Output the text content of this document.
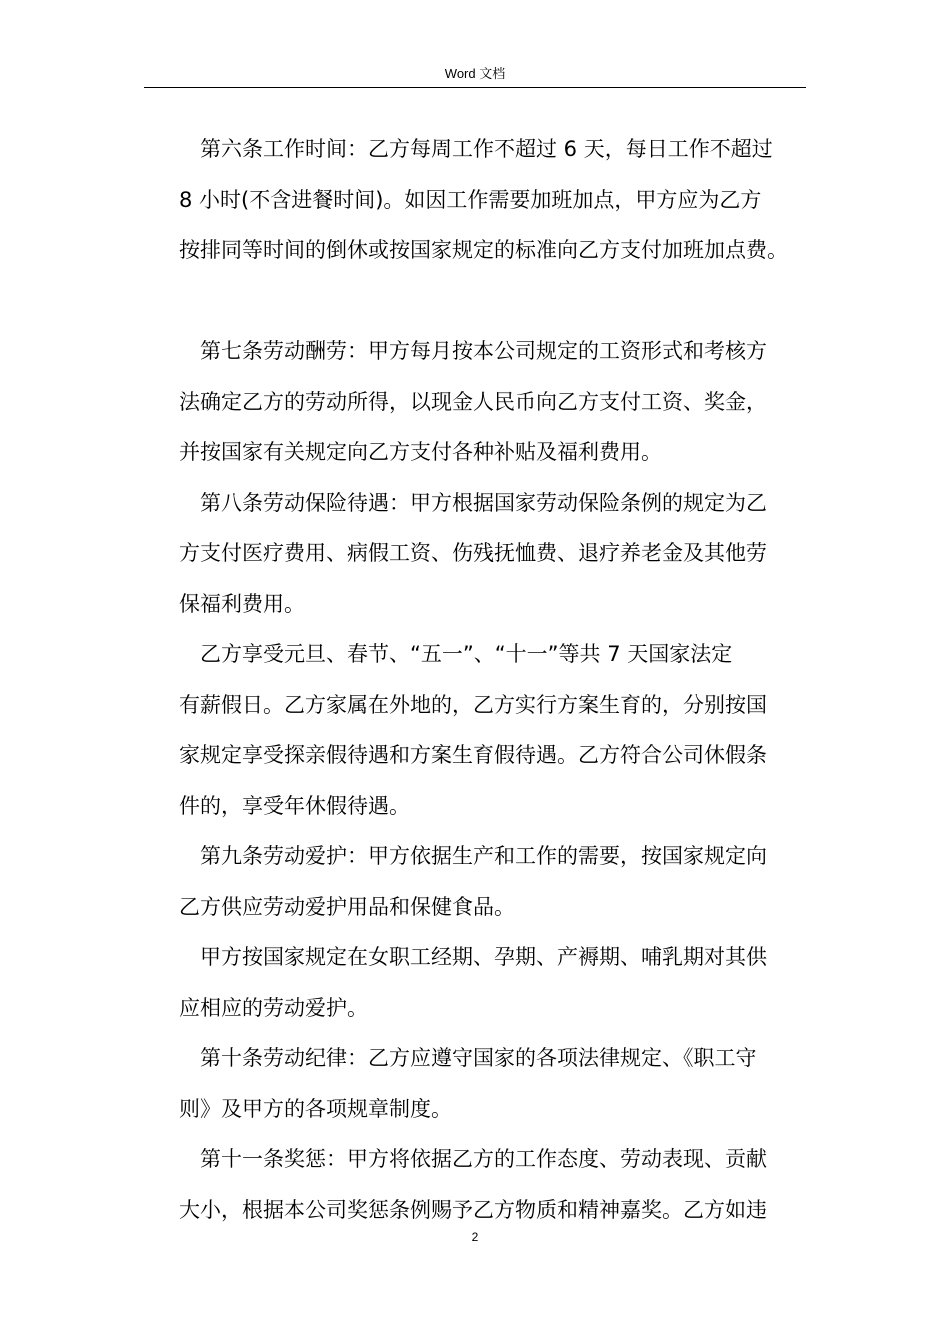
Word 文档

第六条工作时间：乙方每周工作不超过 6 天，每日工作不超过
8 小时(不含进餐时间)。如因工作需要加班加点，甲方应为乙方
按排同等时间的倒休或按国家规定的标准向乙方支付加班加点费。

第七条劳动酬劳：甲方每月按本公司规定的工资形式和考核方
法确定乙方的劳动所得，以现金人民币向乙方支付工资、奖金，
并按国家有关规定向乙方支付各种补贴及福利费用。

第八条劳动保险待遇：甲方根据国家劳动保险条例的规定为乙
方支付医疗费用、病假工资、伤残抚恤费、退疗养老金及其他劳
保福利费用。

乙方享受元旦、春节、“五一”、“十一”等共 7 天国家法定
有薪假日。乙方家属在外地的，乙方实行方案生育的，分别按国
家规定享受探亲假待遇和方案生育假待遇。乙方符合公司休假条
件的，享受年休假待遇。

第九条劳动爱护：甲方依据生产和工作的需要，按国家规定向
乙方供应劳动爱护用品和保健食品。

甲方按国家规定在女职工经期、孕期、产褥期、哺乳期对其供
应相应的劳动爱护。

第十条劳动纪律：乙方应遵守国家的各项法律规定、《职工守
则》及甲方的各项规章制度。

第十一条奖惩：甲方将依据乙方的工作态度、劳动表现、贡献
大小，根据本公司奖惩条例赐予乙方物质和精神嘉奖。乙方如违

2
